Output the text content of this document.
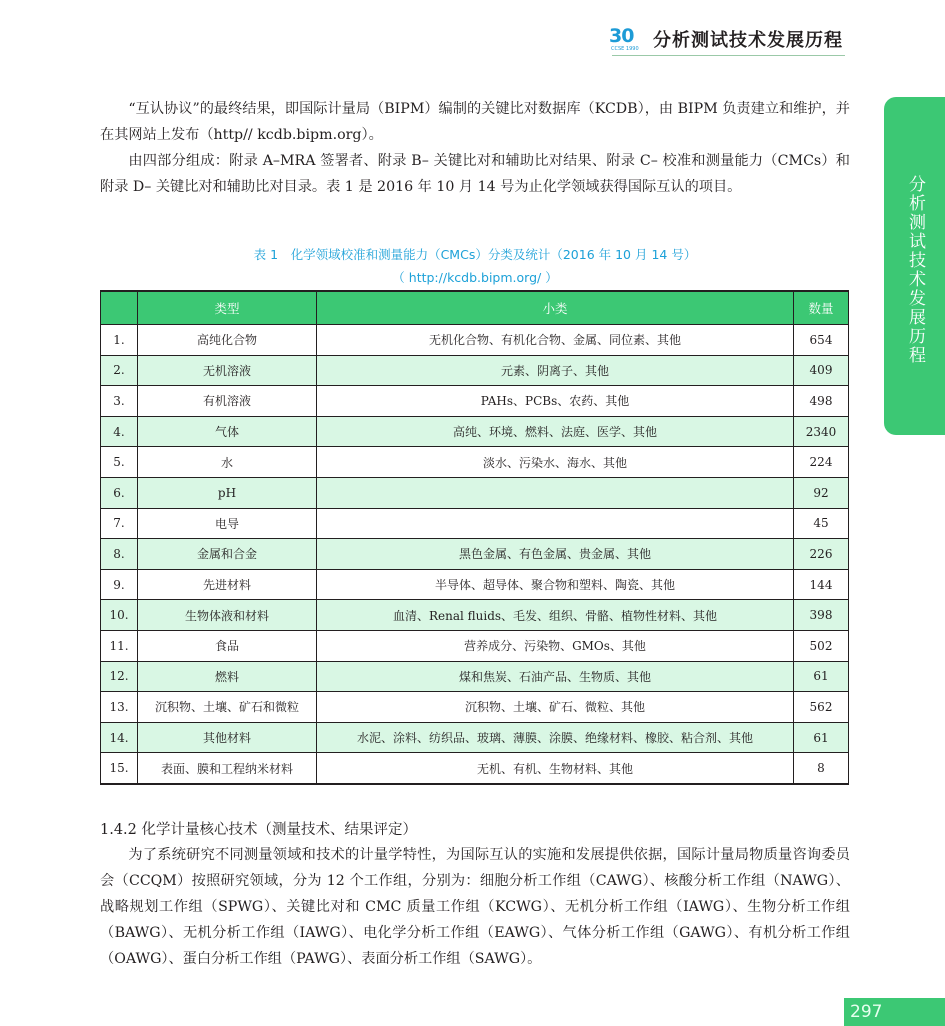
30
CCSE 1990 分析测试技术发展历程
分析测试技术发展历程

“互认协议”的最终结果，即国际计量局（BIPM）编制的关键比对数据库（KCDB），由 BIPM 负责建立和维护，并在其网站上发布（http// kcdb.bipm.org）。

由四部分组成：附录 A–MRA 签署者、附录 B– 关键比对和辅助比对结果、附录 C– 校准和测量能力（CMCs）和附录 D– 关键比对和辅助比对目录。表 1 是 2016 年 10 月 14 号为止化学领域获得国际互认的项目。

表 1　化学领域校准和测量能力（CMCs）分类及统计（2016 年 10 月 14 号）
（ http://kcdb.bipm.org/ ）
	类型	小类	数量
1.	高纯化合物	无机化合物、有机化合物、金属、同位素、其他	654
2.	无机溶液	元素、阴离子、其他	409
3.	有机溶液	PAHs、PCBs、农药、其他	498
4.	气体	高纯、环境、燃料、法庭、医学、其他	2340
5.	水	淡水、污染水、海水、其他	224
6.	pH		92
7.	电导		45
8.	金属和合金	黑色金属、有色金属、贵金属、其他	226
9.	先进材料	半导体、超导体、聚合物和塑料、陶瓷、其他	144
10.	生物体液和材料	血清、Renal fluids、毛发、组织、骨骼、植物性材料、其他	398
11.	食品	营养成分、污染物、GMOs、其他	502
12.	燃料	煤和焦炭、石油产品、生物质、其他	61
13.	沉积物、土壤、矿石和微粒	沉积物、土壤、矿石、微粒、其他	562
14.	其他材料	水泥、涂料、纺织品、玻璃、薄膜、涂膜、绝缘材料、橡胶、粘合剂、其他	61
15.	表面、膜和工程纳米材料	无机、有机、生物材料、其他	8
1.4.2 化学计量核心技术（测量技术、结果评定）

为了系统研究不同测量领域和技术的计量学特性，为国际互认的实施和发展提供依据，国际计量局物质量咨询委员会（CCQM）按照研究领域，分为 12 个工作组，分别为：细胞分析工作组（CAWG）、核酸分析工作组（NAWG）、战略规划工作组（SPWG）、关键比对和 CMC 质量工作组（KCWG）、无机分析工作组（IAWG）、生物分析工作组（BAWG）、无机分析工作组（IAWG）、电化学分析工作组（EAWG）、气体分析工作组（GAWG）、有机分析工作组（OAWG）、蛋白分析工作组（PAWG）、表面分析工作组（SAWG）。

297
